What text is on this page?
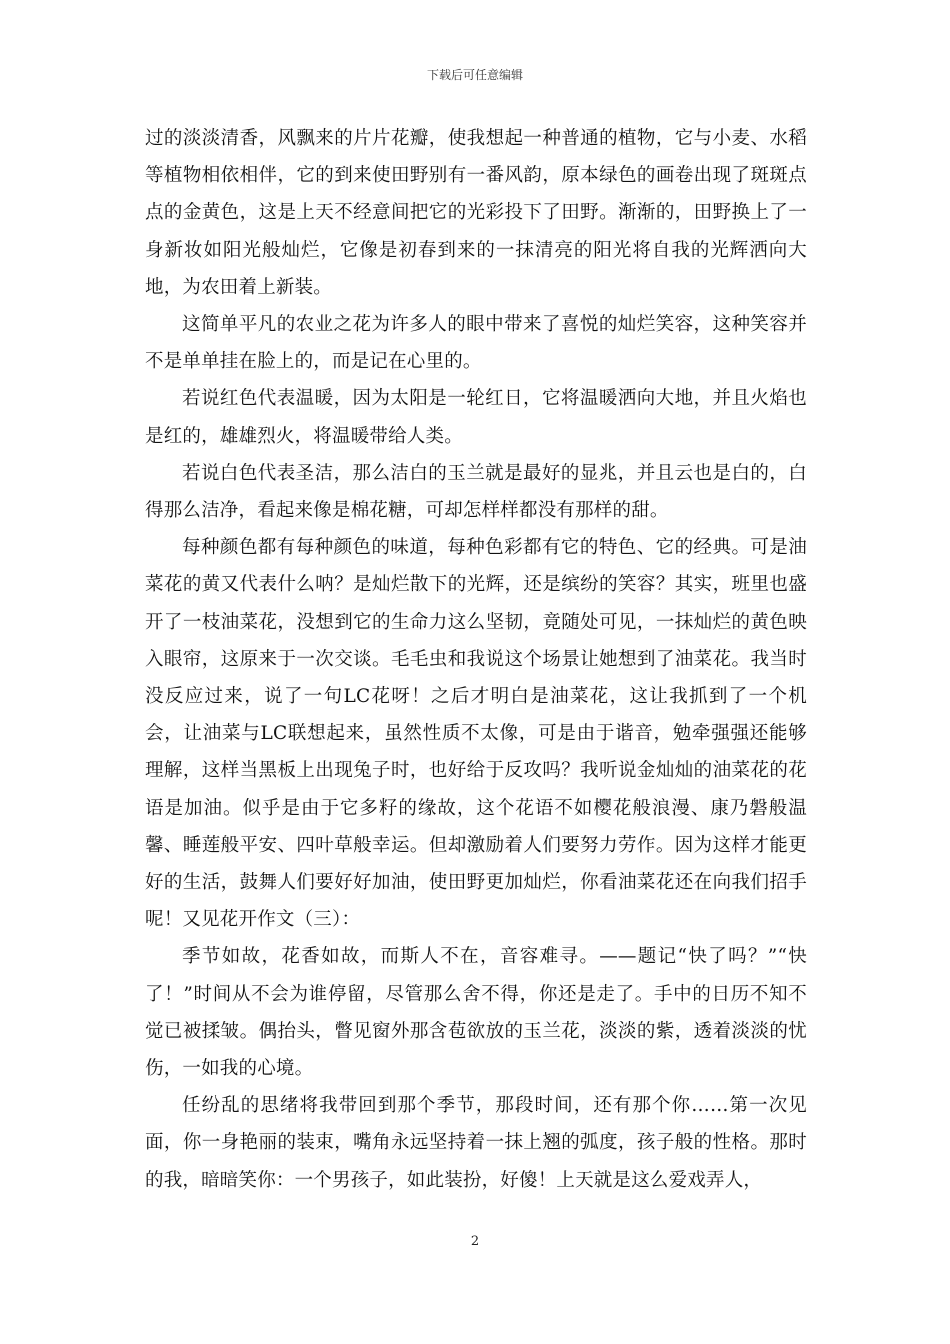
下载后可任意编辑

过的淡淡清香，风飘来的片片花瓣，使我想起一种普通的植物，它与小麦、水稻等植物相依相伴，它的到来使田野别有一番风韵，原本绿色的画卷出现了斑斑点点的金黄色，这是上天不经意间把它的光彩投下了田野。渐渐的，田野换上了一身新妆如阳光般灿烂，它像是初春到来的一抹清亮的阳光将自我的光辉洒向大地，为农田着上新装。

这简单平凡的农业之花为许多人的眼中带来了喜悦的灿烂笑容，这种笑容并不是单单挂在脸上的，而是记在心里的。

若说红色代表温暖，因为太阳是一轮红日，它将温暖洒向大地，并且火焰也是红的，雄雄烈火，将温暖带给人类。

若说白色代表圣洁，那么洁白的玉兰就是最好的显兆，并且云也是白的，白得那么洁净，看起来像是棉花糖，可却怎样样都没有那样的甜。

每种颜色都有每种颜色的味道，每种色彩都有它的特色、它的经典。可是油菜花的黄又代表什么呐？是灿烂散下的光辉，还是缤纷的笑容？其实，班里也盛开了一枝油菜花，没想到它的生命力这么坚韧，竟随处可见，一抹灿烂的黄色映入眼帘，这原来于一次交谈。毛毛虫和我说这个场景让她想到了油菜花。我当时没反应过来，说了一句LC花呀！之后才明白是油菜花，这让我抓到了一个机会，让油菜与LC联想起来，虽然性质不太像，可是由于谐音，勉牵强强还能够理解，这样当黑板上出现兔子时，也好给于反攻吗？我听说金灿灿的油菜花的花语是加油。似乎是由于它多籽的缘故，这个花语不如樱花般浪漫、康乃磐般温馨、睡莲般平安、四叶草般幸运。但却激励着人们要努力劳作。因为这样才能更好的生活，鼓舞人们要好好加油，使田野更加灿烂，你看油菜花还在向我们招手呢！又见花开作文（三）：

季节如故，花香如故，而斯人不在，音容难寻。——题记“快了吗？”“快了！”时间从不会为谁停留，尽管那么舍不得，你还是走了。手中的日历不知不觉已被揉皱。偶抬头，瞥见窗外那含苞欲放的玉兰花，淡淡的紫，透着淡淡的忧伤，一如我的心境。

任纷乱的思绪将我带回到那个季节，那段时间，还有那个你……第一次见面，你一身艳丽的装束，嘴角永远坚持着一抹上翘的弧度，孩子般的性格。那时的我，暗暗笑你：一个男孩子，如此装扮，好傻！上天就是这么爱戏弄人，

2
